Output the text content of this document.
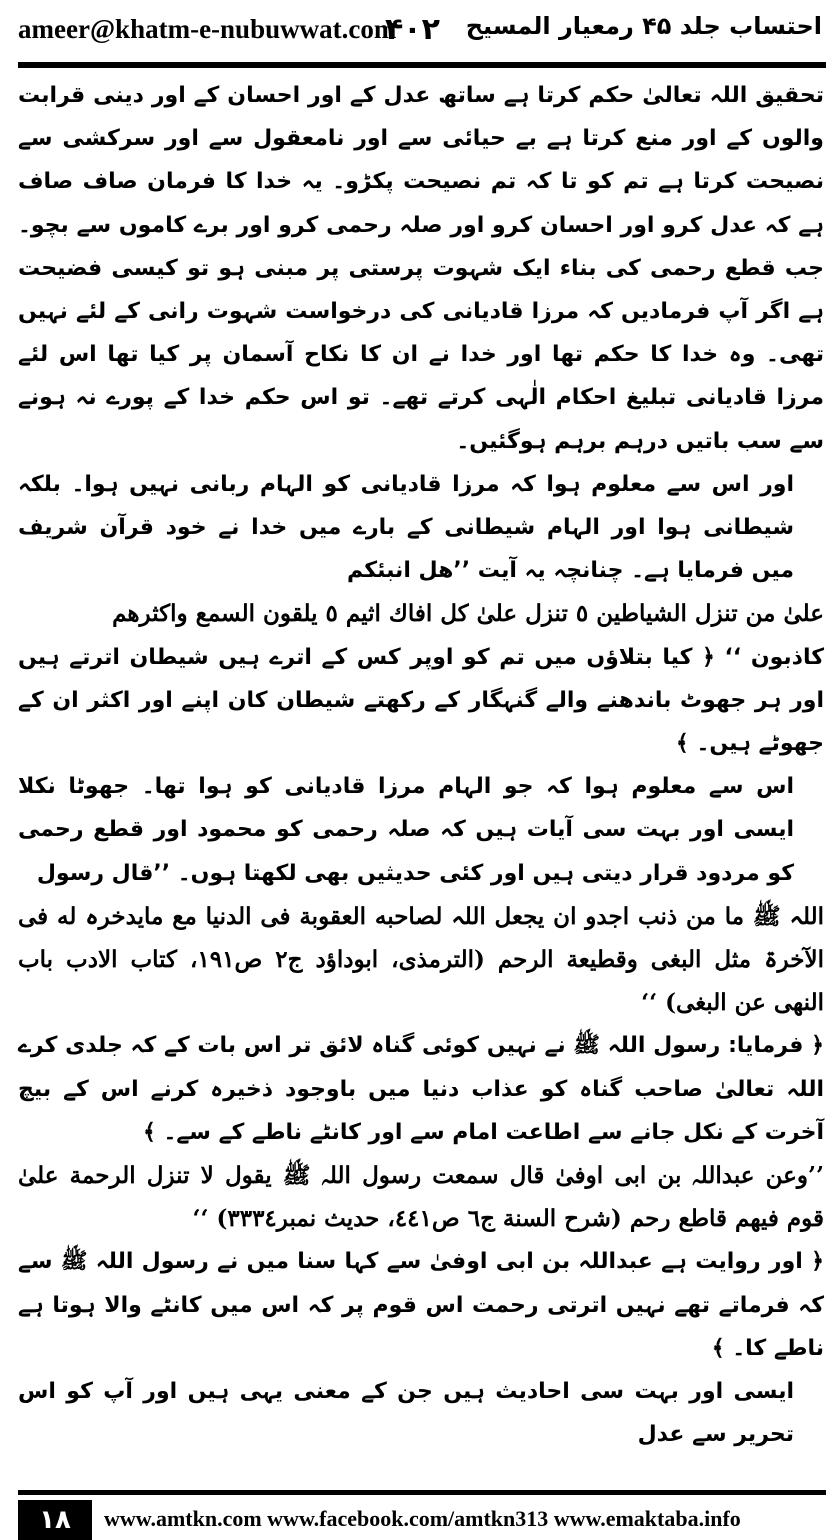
ameer@khatm-e-nubuwwat.com
۴۰۲ احتساب جلد ۴۵ رمعیار المسیح

تحقیق اللہ تعالیٰ حکم کرتا ہے ساتھ عدل کے اور احسان کے اور دینی قرابت والوں کے اور منع کرتا ہے بے حیائی سے اور نامعقول سے اور سرکشی سے نصیحت کرتا ہے تم کو تا کہ تم نصیحت پکڑو۔ یہ خدا کا فرمان صاف صاف ہے کہ عدل کرو اور احسان کرو اور صلہ رحمی کرو اور برے کاموں سے بچو۔ جب قطع رحمی کی بناء ایک شہوت پرستی پر مبنی ہو تو کیسی فضیحت ہے اگر آپ فرمادیں کہ مرزا قادیانی کی درخواست شہوت رانی کے لئے نہیں تھی۔ وہ خدا کا حکم تھا اور خدا نے ان کا نکاح آسمان پر کیا تھا اس لئے مرزا قادیانی تبلیغ احکام الٰہی کرتے تھے۔ تو اس حکم خدا کے پورے نہ ہونے سے سب باتیں درہم برہم ہوگئیں۔

اور اس سے معلوم ہوا کہ مرزا قادیانی کو الہام ربانی نہیں ہوا۔ بلکہ شیطانی ہوا اور الہام شیطانی کے بارے میں خدا نے خود قرآن شریف میں فرمایا ہے۔ چنانچہ یہ آیت ’’ھل انبئکم

علیٰ من تنزل الشیاطین ٥ تنزل علیٰ کل افاك اثیم ٥ یلقون السمع واکثرھم

کاذبون ‘‘ ﴿ کیا بتلاؤں میں تم کو اوپر کس کے اترے ہیں شیطان اترتے ہیں اور ہر جھوٹ باندھنے والے گنہگار کے رکھتے شیطان کان اپنے اور اکثر ان کے جھوٹے ہیں۔ ﴾

اس سے معلوم ہوا کہ جو الہام مرزا قادیانی کو ہوا تھا۔ جھوٹا نکلا ایسی اور بہت سی آیات ہیں کہ صلہ رحمی کو محمود اور قطع رحمی کو مردود قرار دیتی ہیں اور کئی حدیثیں بھی لکھتا ہوں۔ ’’قال رسول

اللہ ﷺ ما من ذنب اجدو ان یجعل اللہ لصاحبه العقوبة فی الدنیا مع مایدخرہ له فی الآخرۃ مثل البغی وقطیعة الرحم (الترمذی، ابوداؤد ج۲ ص۱۹۱، کتاب الادب باب النھی عن البغی) ‘‘

﴿ فرمایا: رسول اللہ ﷺ نے نہیں کوئی گناہ لائق تر اس بات کے کہ جلدی کرے اللہ تعالیٰ صاحب گناہ کو عذاب دنیا میں باوجود ذخیرہ کرنے اس کے بیچ آخرت کے نکل جانے سے اطاعت امام سے اور کانٹے ناطے کے سے۔ ﴾

’’وعن عبداللہ بن ابی اوفیٰ قال سمعت رسول اللہ ﷺ یقول لا تنزل الرحمة علیٰ قوم فیھم قاطع رحم (شرح السنة ج٦ ص٤٤١، حدیث نمبر٣٣٣٤) ‘‘

﴿ اور روایت ہے عبداللہ بن ابی اوفیٰ سے کہا سنا میں نے رسول اللہ ﷺ سے کہ فرماتے تھے نہیں اترتی رحمت اس قوم پر کہ اس میں کانٹے والا ہوتا ہے ناطے کا۔ ﴾

ایسی اور بہت سی احادیث ہیں جن کے معنی یہی ہیں اور آپ کو اس تحریر سے عدل

۱۸	www.amtkn.com www.facebook.com/amtkn313 www.emaktaba.info
